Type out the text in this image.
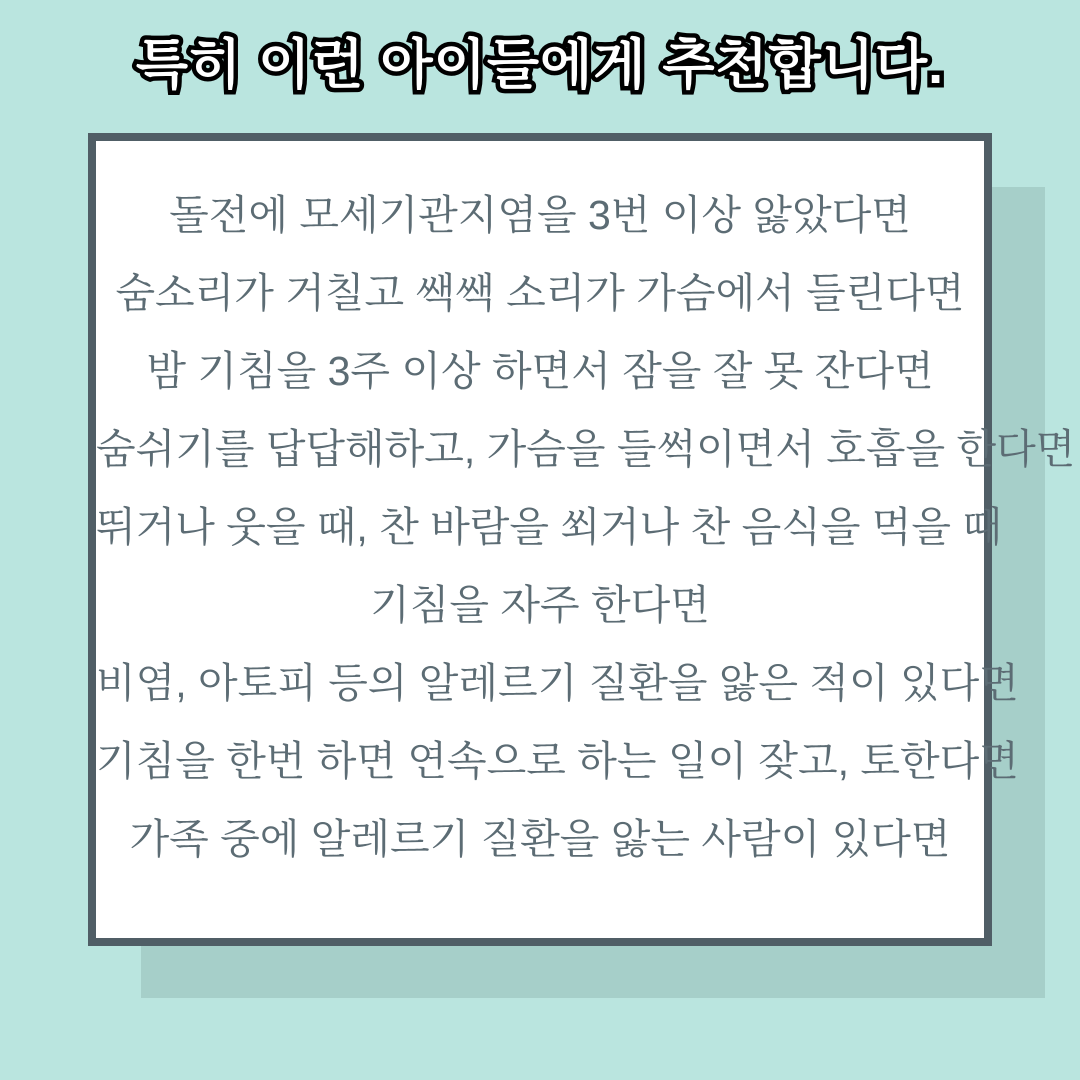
특히 이런 아이들에게 추천합니다.
돌전에 모세기관지염을 3번 이상 앓았다면
숨소리가 거칠고 쌕쌕 소리가 가슴에서 들린다면
밤 기침을 3주 이상 하면서 잠을 잘 못 잔다면
숨쉬기를 답답해하고, 가슴을 들썩이면서 호흡을 한다면
뛰거나 웃을 때, 찬 바람을 쐬거나 찬 음식을 먹을 때
기침을 자주 한다면
비염, 아토피 등의 알레르기 질환을 앓은 적이 있다면
기침을 한번 하면 연속으로 하는 일이 잦고, 토한다면
가족 중에 알레르기 질환을 앓는 사람이 있다면
